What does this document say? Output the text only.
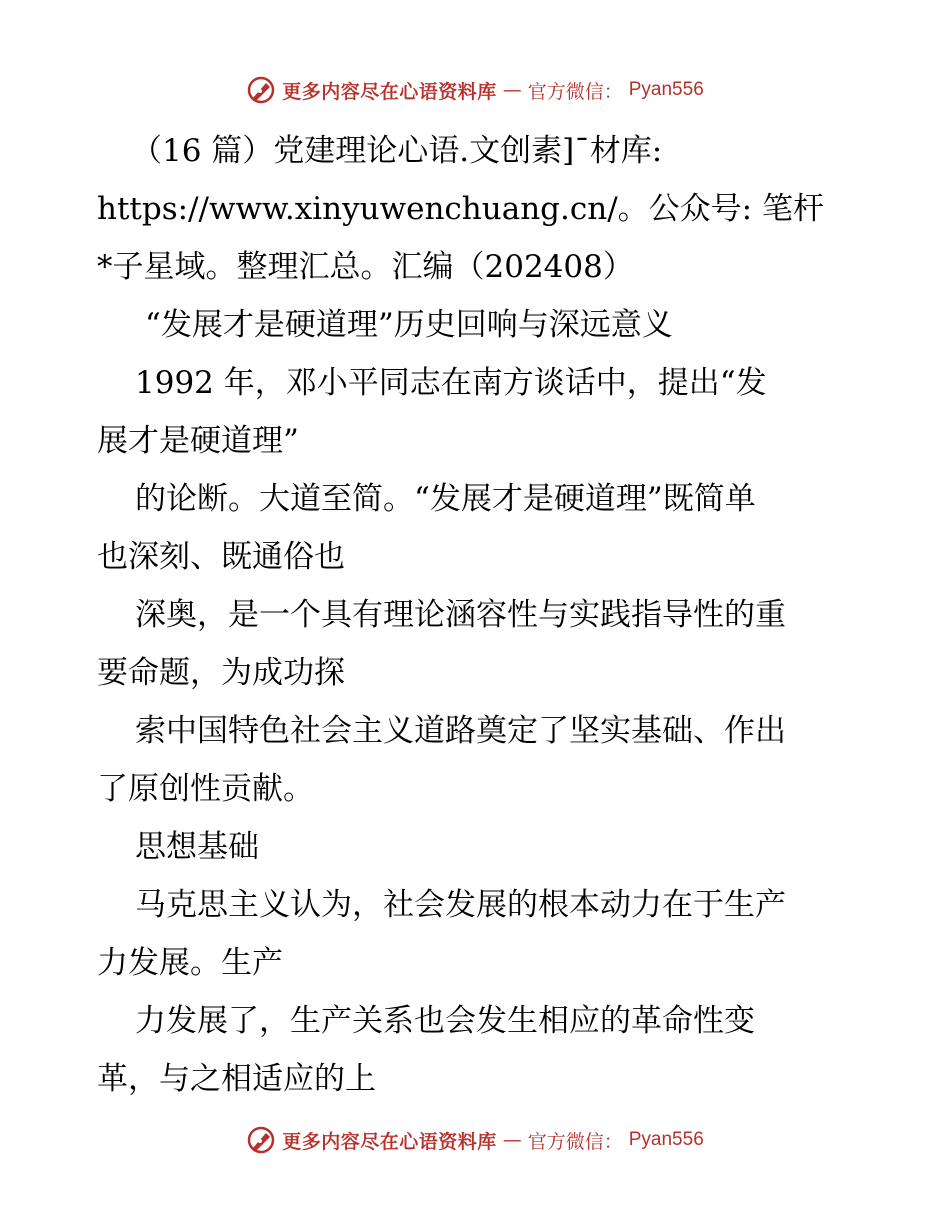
更多内容尽在心语资料库 — 官方微信： Pyan556
（16 篇）党建理论心语.文创素]¯材库:
https://www.xinyuwenchuang.cn/。公众号: 笔杆
*子星域。整理汇总。汇编（202408）
“发展才是硬道理”历史回响与深远意义
1992 年，邓小平同志在南方谈话中，提出“发
展才是硬道理”
的论断。大道至简。“发展才是硬道理”既简单
也深刻、既通俗也
深奥，是一个具有理论涵容性与实践指导性的重
要命题，为成功探
索中国特色社会主义道路奠定了坚实基础、作出
了原创性贡献。
思想基础
马克思主义认为，社会发展的根本动力在于生产
力发展。生产
力发展了，生产关系也会发生相应的革命性变
革，与之相适应的上
更多内容尽在心语资料库 — 官方微信： Pyan556
